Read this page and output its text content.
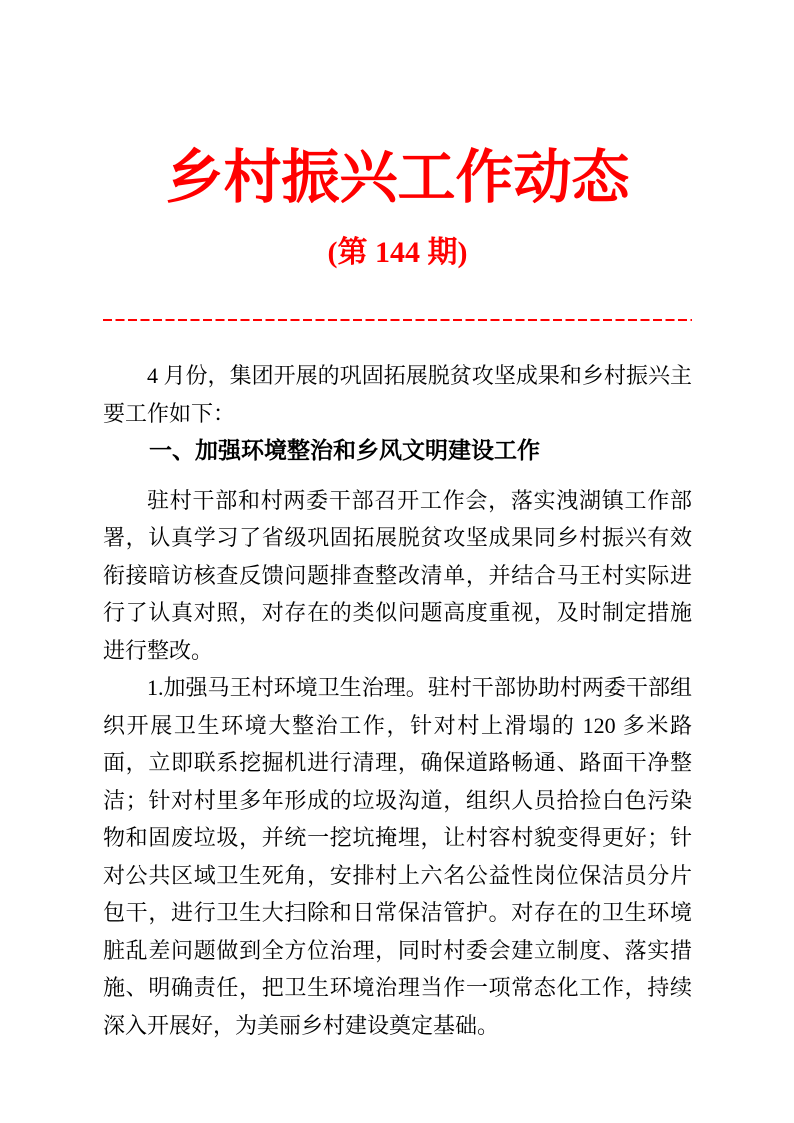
乡村振兴工作动态
(第 144 期)

4 月份，集团开展的巩固拓展脱贫攻坚成果和乡村振兴主要工作如下：

一、加强环境整治和乡风文明建设工作

驻村干部和村两委干部召开工作会，落实洩湖镇工作部署，认真学习了省级巩固拓展脱贫攻坚成果同乡村振兴有效衔接暗访核查反馈问题排查整改清单，并结合马王村实际进行了认真对照，对存在的类似问题高度重视，及时制定措施进行整改。

1.加强马王村环境卫生治理。驻村干部协助村两委干部组织开展卫生环境大整治工作，针对村上滑塌的 120 多米路面，立即联系挖掘机进行清理，确保道路畅通、路面干净整洁；针对村里多年形成的垃圾沟道，组织人员拾捡白色污染物和固废垃圾，并统一挖坑掩埋，让村容村貌变得更好；针对公共区域卫生死角，安排村上六名公益性岗位保洁员分片包干，进行卫生大扫除和日常保洁管护。对存在的卫生环境脏乱差问题做到全方位治理，同时村委会建立制度、落实措施、明确责任，把卫生环境治理当作一项常态化工作，持续深入开展好，为美丽乡村建设奠定基础。
